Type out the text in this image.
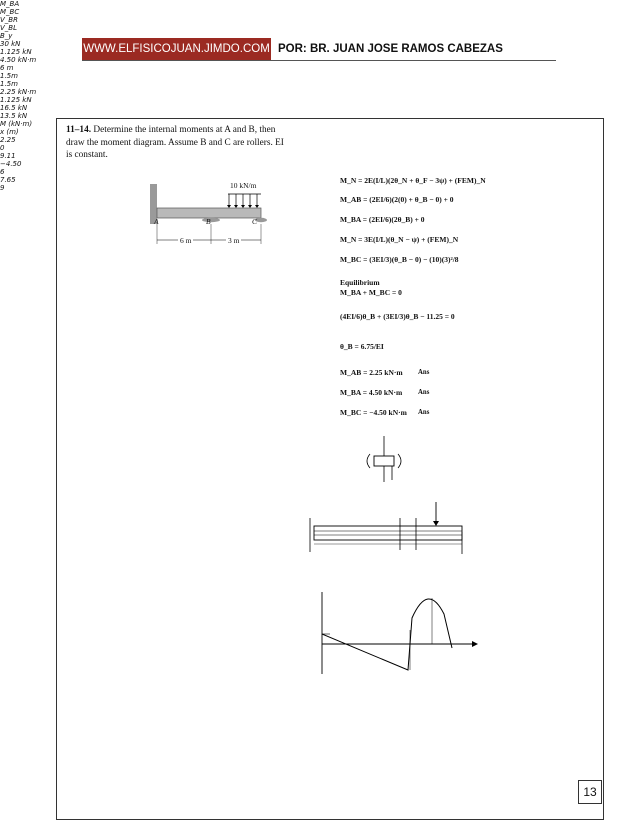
WWW.ELFISICOJUAN.JIMDO.COM POR: BR. JUAN JOSE RAMOS CABEZAS
11–14. Determine the internal moments at A and B, then draw the moment diagram. Assume B and C are rollers. EI is constant.
10 kN/m
A	B	C
6 m	3 m
M_N = 2E(I/L)(2θ_N + θ_F − 3ψ) + (FEM)_N
M_AB = (2EI/6)(2(0) + θ_B − 0) + 0
M_BA = (2EI/6)(2θ_B) + 0
M_N = 3E(I/L)(θ_N − ψ) + (FEM)_N
M_BC = (3EI/3)(θ_B − 0) − (10)(3)²/8
Equilibrium
M_BA + M_BC = 0
(4EI/6)θ_B + (3EI/3)θ_B − 11.25 = 0
θ_B = 6.75/EI
M_AB = 2.25 kN·m Ans
M_BA = 4.50 kN·m Ans
M_BC = −4.50 kN·m Ans
M_BA
M_BC
V_BR
V_BL
B_y
30 kN
1.125 kN
4.50 kN·m
6 m
1.5m
1.5m
2.25 kN·m
1.125 kN
16.5 kN
13.5 kN
M (kN·m)
x (m)
2.25
0
9.11
−4.50
6
7.65
9
13
